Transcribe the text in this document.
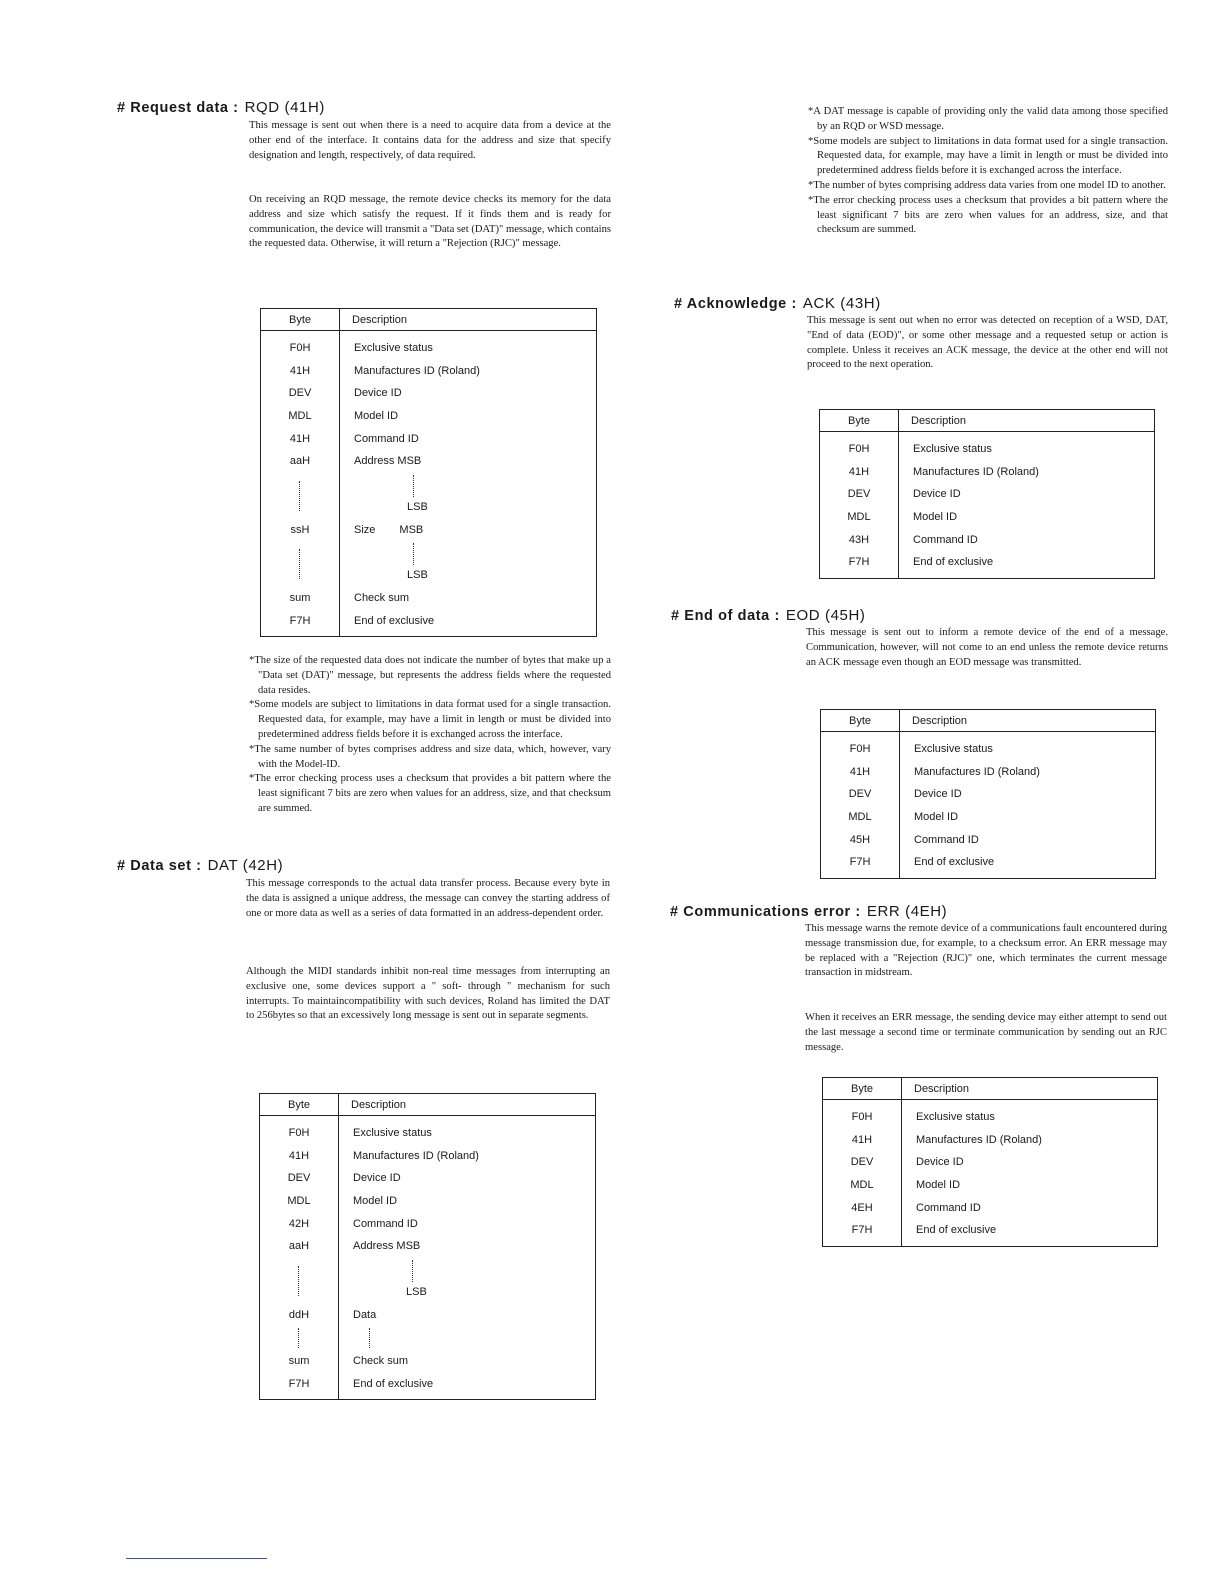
# Request data : RQD (41H)

This message is sent out when there is a need to acquire data from a device at the other end of the interface. It contains data for the address and size that specify designation and length, respectively, of data required.

On receiving an RQD message, the remote device checks its memory for the data address and size which satisfy the request. If it finds them and is ready for communication, the device will transmit a "Data set (DAT)" message, which contains the requested data. Otherwise, it will return a "Rejection (RJC)" message.

Byte	Description
F0H	Exclusive status
41H	Manufactures ID (Roland)
DEV	Device ID
MDL	Model ID
41H	Command ID
aaH	Address MSB

	LSB

ssH	Size MSB

	LSB

sum	Check sum
F7H	End of exclusive
*The size of the requested data does not indicate the number of bytes that make up a "Data set (DAT)" message, but represents the address fields where the requested data resides.
*Some models are subject to limitations in data format used for a single transaction. Requested data, for example, may have a limit in length or must be divided into predetermined address fields before it is exchanged across the interface.
*The same number of bytes comprises address and size data, which, however, vary with the Model-ID.
*The error checking process uses a checksum that provides a bit pattern where the least significant 7 bits are zero when values for an address, size, and that checksum are summed.
# Data set : DAT (42H)

This message corresponds to the actual data transfer process. Because every byte in the data is assigned a unique address, the message can convey the starting address of one or more data as well as a series of data formatted in an address-dependent order.

Although the MIDI standards inhibit non-real time messages from interrupting an exclusive one, some devices support a " soft- through " mechanism for such interrupts. To maintaincompatibility with such devices, Roland has limited the DAT to 256bytes so that an excessively long message is sent out in separate segments.

Byte	Description
F0H	Exclusive status
41H	Manufactures ID (Roland)
DEV	Device ID
MDL	Model ID
42H	Command ID
aaH	Address MSB

	LSB

ddH	Data

sum	Check sum
F7H	End of exclusive
*A DAT message is capable of providing only the valid data among those specified by an RQD or WSD message.
*Some models are subject to limitations in data format used for a single transaction. Requested data, for example, may have a limit in length or must be divided into predetermined address fields before it is exchanged across the interface.
*The number of bytes comprising address data varies from one model ID to another.
*The error checking process uses a checksum that provides a bit pattern where the least significant 7 bits are zero when values for an address, size, and that checksum are summed.
# Acknowledge : ACK (43H)

This message is sent out when no error was detected on reception of a WSD, DAT, "End of data (EOD)", or some other message and a requested setup or action is complete. Unless it receives an ACK message, the device at the other end will not proceed to the next operation.

Byte	Description
F0H	Exclusive status
41H	Manufactures ID (Roland)
DEV	Device ID
MDL	Model ID
43H	Command ID
F7H	End of exclusive
# End of data : EOD (45H)

This message is sent out to inform a remote device of the end of a message. Communication, however, will not come to an end unless the remote device returns an ACK message even though an EOD message was transmitted.

Byte	Description
F0H	Exclusive status
41H	Manufactures ID (Roland)
DEV	Device ID
MDL	Model ID
45H	Command ID
F7H	End of exclusive
# Communications error : ERR (4EH)

This message warns the remote device of a communications fault encountered during message transmission due, for example, to a checksum error. An ERR message may be replaced with a "Rejection (RJC)" one, which terminates the current message transaction in midstream.

When it receives an ERR message, the sending device may either attempt to send out the last message a second time or terminate communication by sending out an RJC message.

Byte	Description
F0H	Exclusive status
41H	Manufactures ID (Roland)
DEV	Device ID
MDL	Model ID
4EH	Command ID
F7H	End of exclusive
